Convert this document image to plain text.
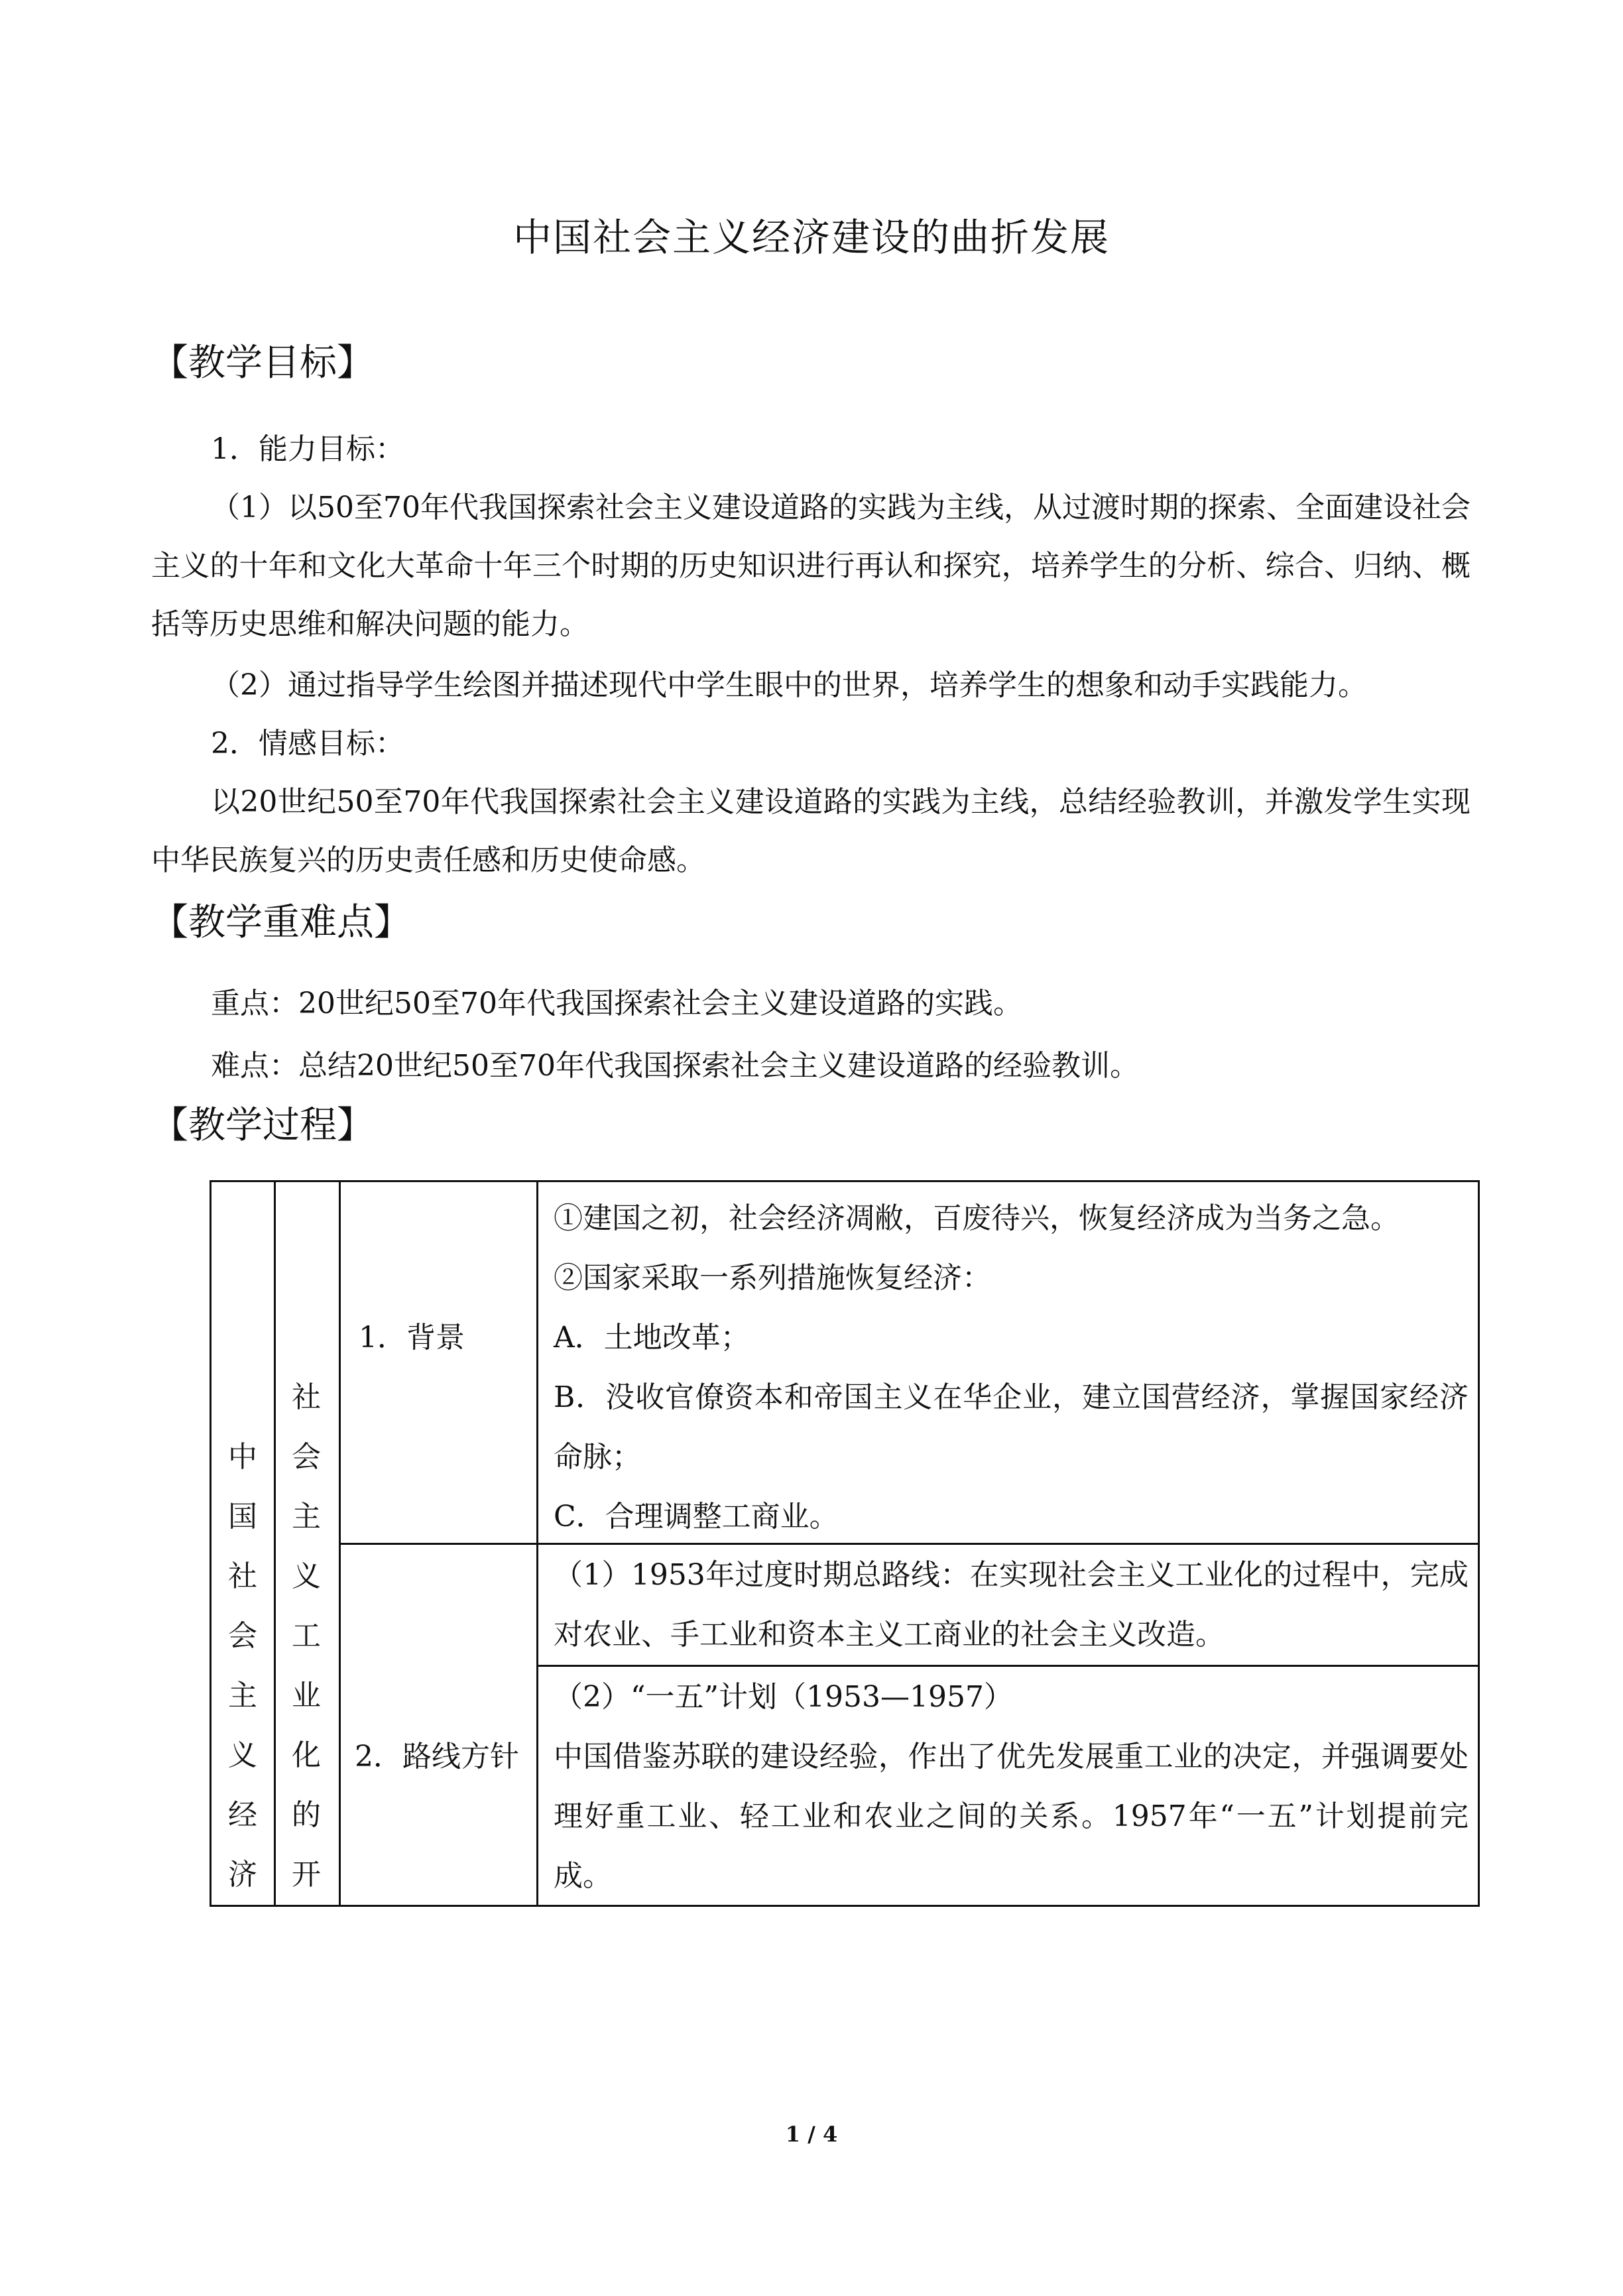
中国社会主义经济建设的曲折发展
【教学目标】
1．能力目标：
（1）以50至70年代我国探索社会主义建设道路的实践为主线，从过渡时期的探索、全面建设社会主义的十年和文化大革命十年三个时期的历史知识进行再认和探究，培养学生的分析、综合、归纳、概括等历史思维和解决问题的能力。
（2）通过指导学生绘图并描述现代中学生眼中的世界，培养学生的想象和动手实践能力。
2．情感目标：
以20世纪50至70年代我国探索社会主义建设道路的实践为主线，总结经验教训，并激发学生实现中华民族复兴的历史责任感和历史使命感。
【教学重难点】
重点：20世纪50至70年代我国探索社会主义建设道路的实践。
难点：总结20世纪50至70年代我国探索社会主义建设道路的经验教训。
【教学过程】
中
国
社
会
主
义
经
济
社
会
主
义
工
业
化
的
开
1．背景
①建国之初，社会经济凋敝，百废待兴，恢复经济成为当务之急。
②国家采取一系列措施恢复经济：
A．土地改革；
B．没收官僚资本和帝国主义在华企业，建立国营经济，掌握国家经济命脉；
C．合理调整工商业。
2．路线方针
（1）1953年过度时期总路线：在实现社会主义工业化的过程中，完成对农业、手工业和资本主义工商业的社会主义改造。
（2）“一五”计划（1953—1957）
中国借鉴苏联的建设经验，作出了优先发展重工业的决定，并强调要处理好重工业、轻工业和农业之间的关系。1957年“一五”计划提前完成。
1 / 4
